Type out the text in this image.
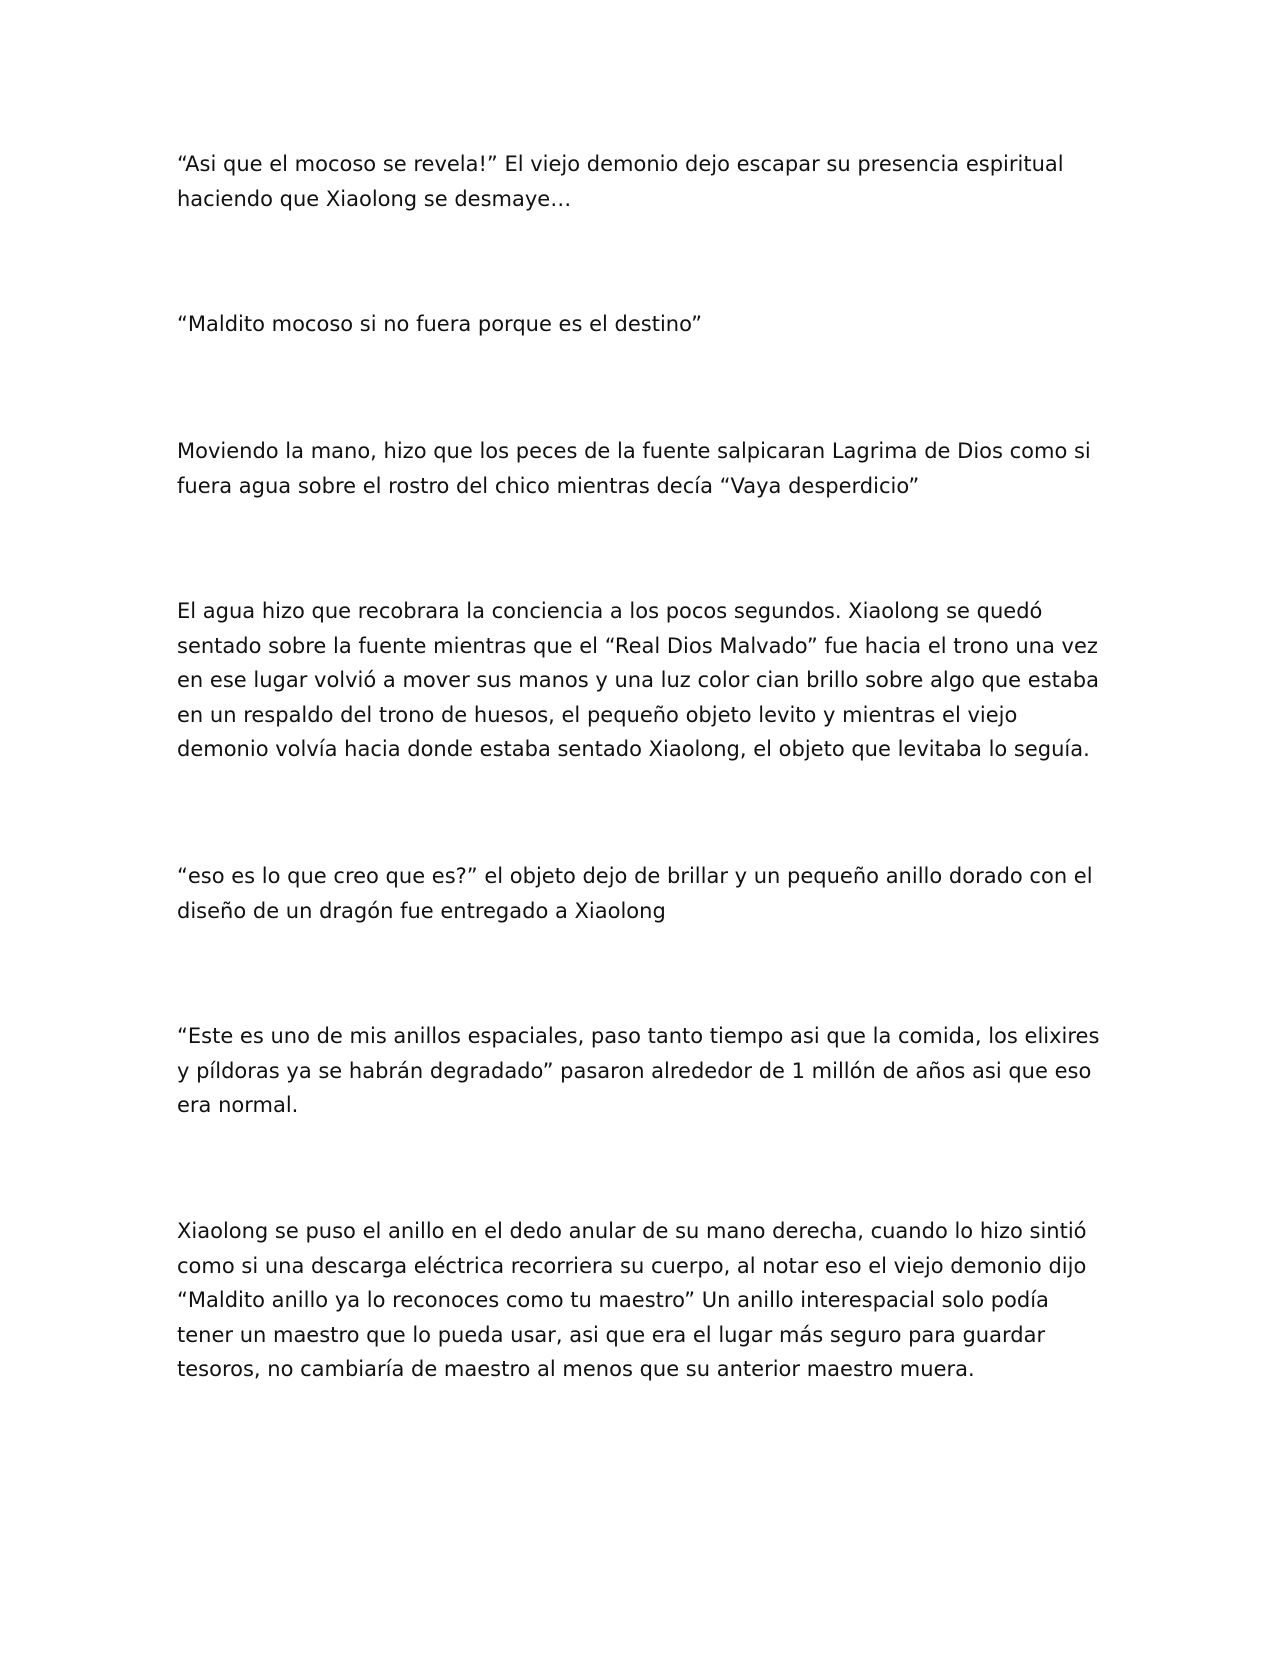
“Asi que el mocoso se revela!” El viejo demonio dejo escapar su presencia espiritual haciendo que Xiaolong se desmaye…

“Maldito mocoso si no fuera porque es el destino”

Moviendo la mano, hizo que los peces de la fuente salpicaran Lagrima de Dios como si fuera agua sobre el rostro del chico mientras decía “Vaya desperdicio”

El agua hizo que recobrara la conciencia a los pocos segundos. Xiaolong se quedó sentado sobre la fuente mientras que el “Real Dios Malvado” fue hacia el trono una vez en ese lugar volvió a mover sus manos y una luz color cian brillo sobre algo que estaba en un respaldo del trono de huesos, el pequeño objeto levito y mientras el viejo demonio volvía hacia donde estaba sentado Xiaolong, el objeto que levitaba lo seguía.

“eso es lo que creo que es?” el objeto dejo de brillar y un pequeño anillo dorado con el diseño de un dragón fue entregado a Xiaolong

“Este es uno de mis anillos espaciales, paso tanto tiempo asi que la comida, los elixires y píldoras ya se habrán degradado” pasaron alrededor de 1 millón de años asi que eso era normal.

Xiaolong se puso el anillo en el dedo anular de su mano derecha, cuando lo hizo sintió como si una descarga eléctrica recorriera su cuerpo, al notar eso el viejo demonio dijo “Maldito anillo ya lo reconoces como tu maestro” Un anillo interespacial solo podía tener un maestro que lo pueda usar, asi que era el lugar más seguro para guardar tesoros, no cambiaría de maestro al menos que su anterior maestro muera.
